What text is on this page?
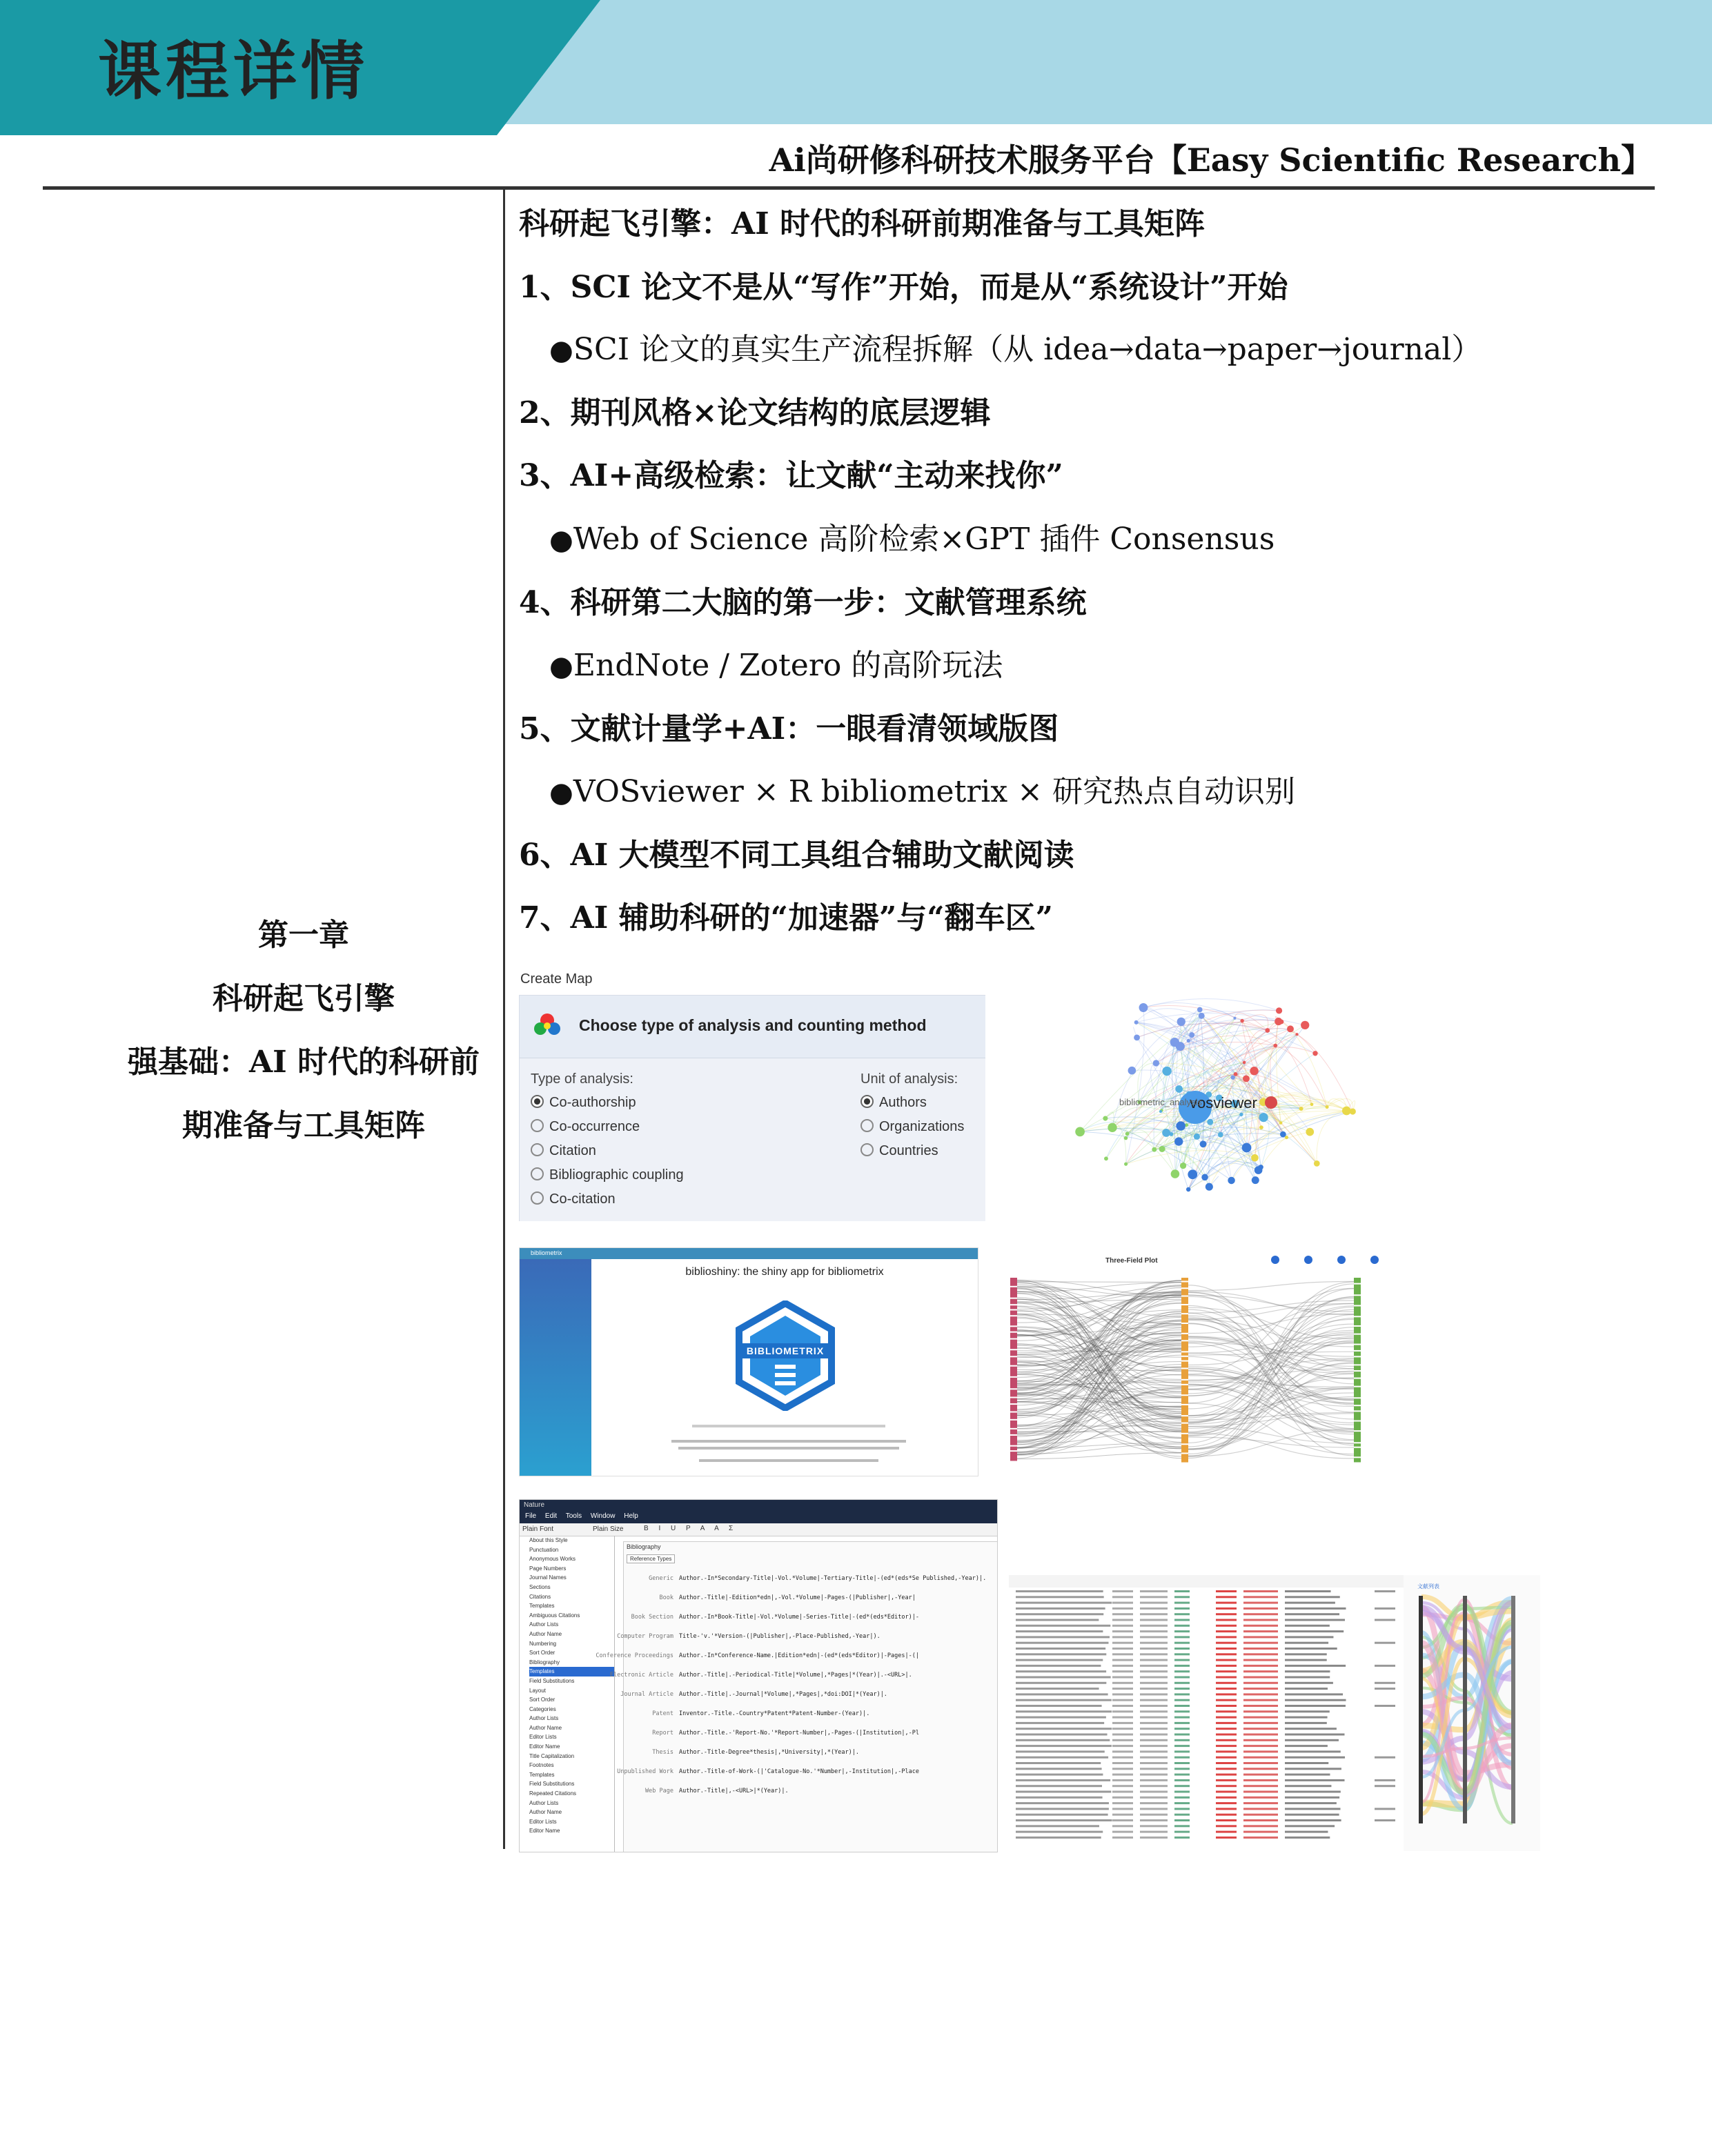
课程详情
Ai尚研修科研技术服务平台【Easy Scientific Research】
第一章
科研起飞引擎
强基础：AI 时代的科研前
期准备与工具矩阵
科研起飞引擎：AI 时代的科研前期准备与工具矩阵
1、SCI 论文不是从“写作”开始，而是从“系统设计”开始
●SCI 论文的真实生产流程拆解（从 idea→data→paper→journal）
2、期刊风格×论文结构的底层逻辑
3、AI+高级检索：让文献“主动来找你”
●Web of Science 高阶检索×GPT 插件 Consensus
4、科研第二大脑的第一步：文献管理系统
●EndNote / Zotero 的高阶玩法
5、文献计量学+AI：一眼看清领域版图
●VOSviewer × R bibliometrix × 研究热点自动识别
6、AI 大模型不同工具组合辅助文献阅读
7、AI 辅助科研的“加速器”与“翻车区”
Create Map
Choose type of analysis and counting method
Type of analysis:
Co-authorship
Co-occurrence
Citation
Bibliographic coupling
Co-citation
Unit of analysis:
Authors
Organizations
Countries
vosviewer
bibliometric_analysis
bibliometrix
biblioshiny: the shiny app for bibliometrix
BIBLIOMETRIX
Three-Field Plot
Nature
File Edit Tools Window Help
Plain Font	Plain Size	B I U P A A Σ
About this Style
Punctuation
Anonymous Works
Page Numbers
Journal Names
Sections
Citations
Templates
Ambiguous Citations
Author Lists
Author Name
Numbering
Sort Order
Bibliography
Templates
Field Substitutions
Layout
Sort Order
Categories
Author Lists
Author Name
Editor Lists
Editor Name
Title Capitalization
Footnotes
Templates
Field Substitutions
Repeated Citations
Author Lists
Author Name
Editor Lists
Editor Name
Bibliography
Reference Types
Generic Author.-In*Secondary-Title|-Vol.*Volume|-Tertiary-Title|-(ed*(eds*Se Published,-Year)|.
Book Author.-Title|-Edition*edn|,-Vol.*Volume|-Pages-(|Publisher|,-Year|
Book Section Author.-In*Book-Title|-Vol.*Volume|-Series-Title|-(ed*(eds*Editor)|-
Computer Program Title-'v.'*Version-(|Publisher|,-Place-Published,-Year|).
Conference Proceedings Author.-In*Conference-Name.|Edition*edn|-(ed*(eds*Editor)|-Pages|-(|
Electronic Article Author.-Title|.-Periodical-Title|*Volume|,*Pages|*(Year)|.-<URL>|.
Journal Article Author.-Title|.-Journal|*Volume|,*Pages|,*doi:DOI|*(Year)|.
Patent Inventor.-Title.-Country*Patent*Patent-Number-(Year)|.
Report Author.-Title.-'Report-No.'*Report-Number|,-Pages-(|Institution|,-Pl
Thesis Author.-Title-Degree*thesis|,*University|,*(Year)|.
Unpublished Work Author.-Title-of-Work-(|'Catalogue-No.'*Number|,-Institution|,-Place
Web Page Author.-Title|,-<URL>|*(Year)|.
文献列表
